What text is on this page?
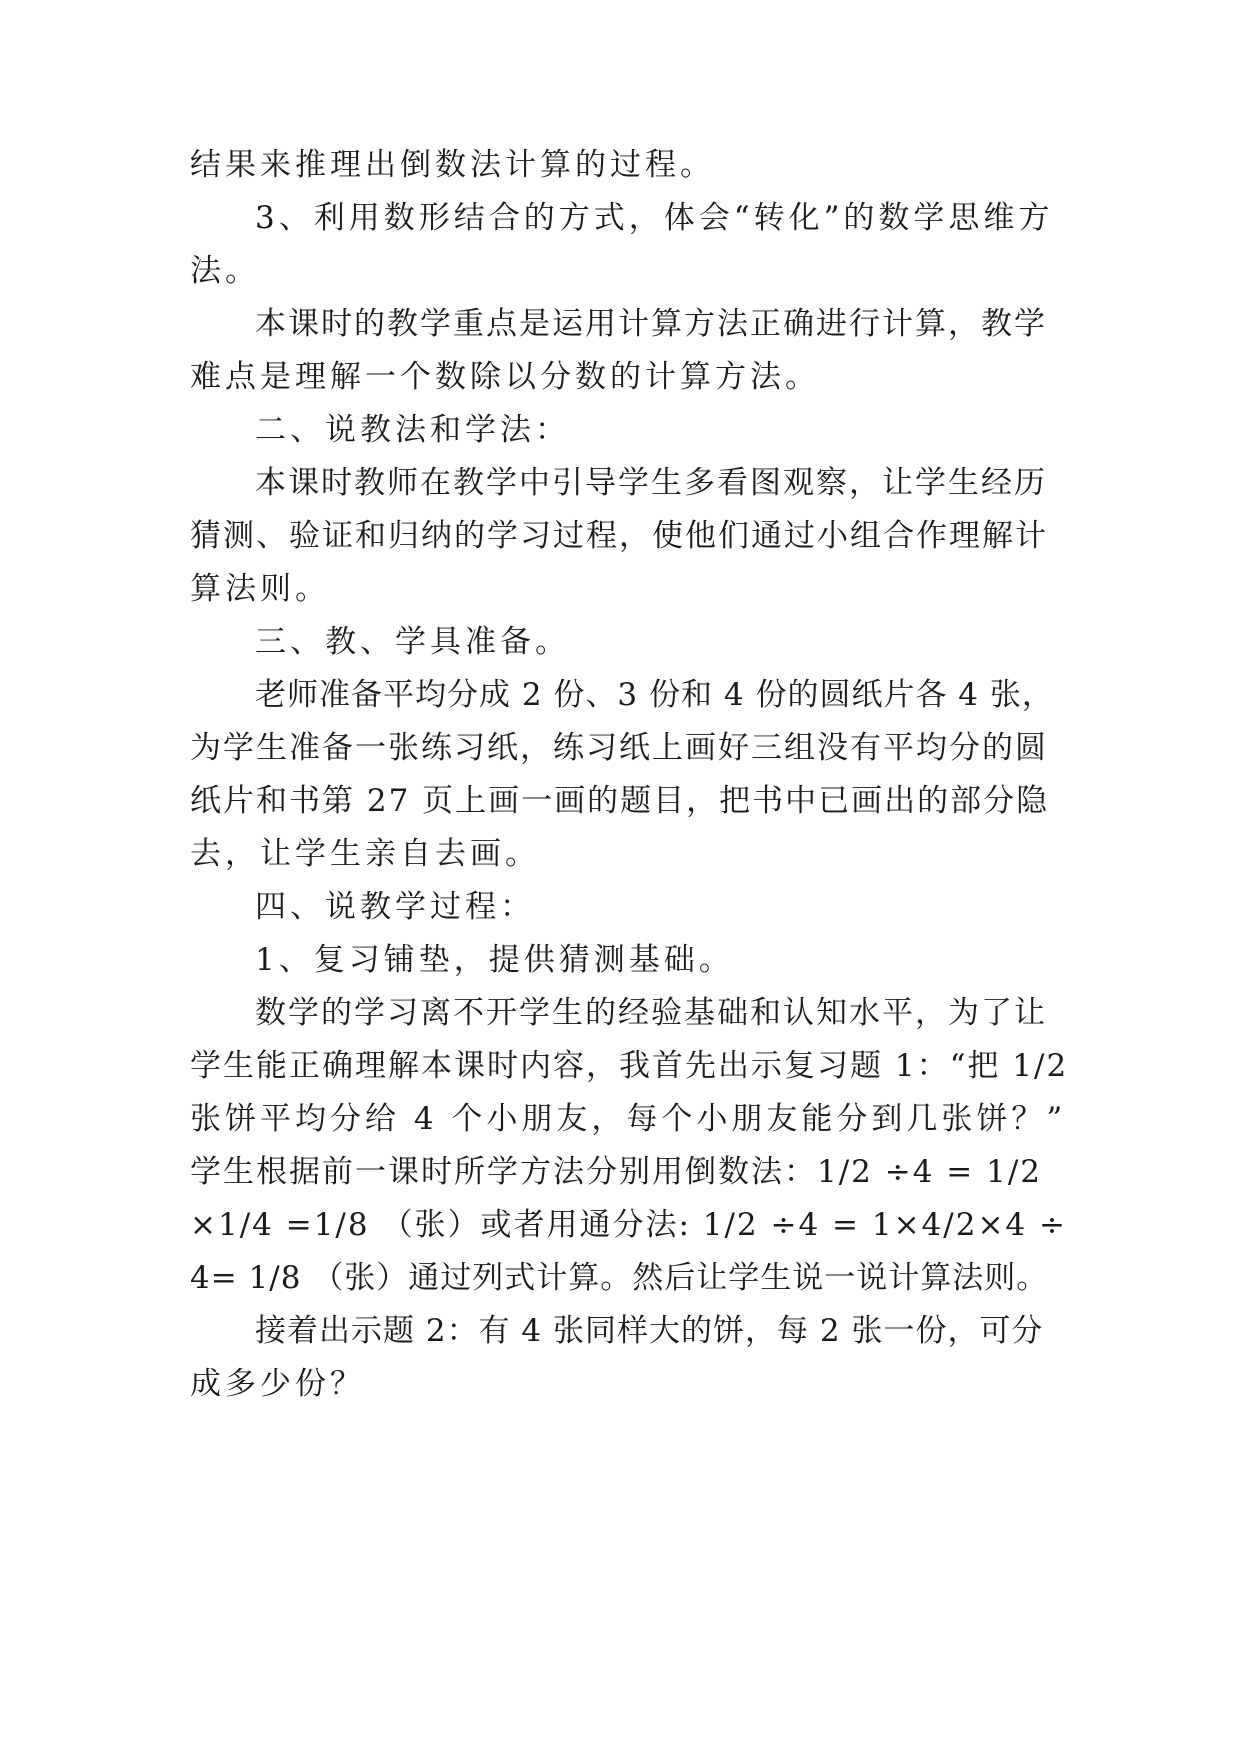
结果来推理出倒数法计算的过程。
3、利用数形结合的方式，体会“转化”的数学思维方
法。
本课时的教学重点是运用计算方法正确进行计算，教学
难点是理解一个数除以分数的计算方法。
二、说教法和学法：
本课时教师在教学中引导学生多看图观察，让学生经历
猜测、验证和归纳的学习过程，使他们通过小组合作理解计
算法则。
三、教、学具准备。
老师准备平均分成 2 份、3 份和 4 份的圆纸片各 4 张，
为学生准备一张练习纸，练习纸上画好三组没有平均分的圆
纸片和书第 27 页上画一画的题目，把书中已画出的部分隐
去，让学生亲自去画。
四、说教学过程：
1、复习铺垫，提供猜测基础。
数学的学习离不开学生的经验基础和认知水平，为了让
学生能正确理解本课时内容，我首先出示复习题 1：“把 1/2
张饼平均分给 4 个小朋友，每个小朋友能分到几张饼？”
学生根据前一课时所学方法分别用倒数法：1/2 ÷4 = 1/2
×1/4 =1/8 （张）或者用通分法: 1/2 ÷4 = 1×4/2×4 ÷
4= 1/8 （张）通过列式计算。然后让学生说一说计算法则。
接着出示题 2：有 4 张同样大的饼，每 2 张一份，可分
成多少份？
